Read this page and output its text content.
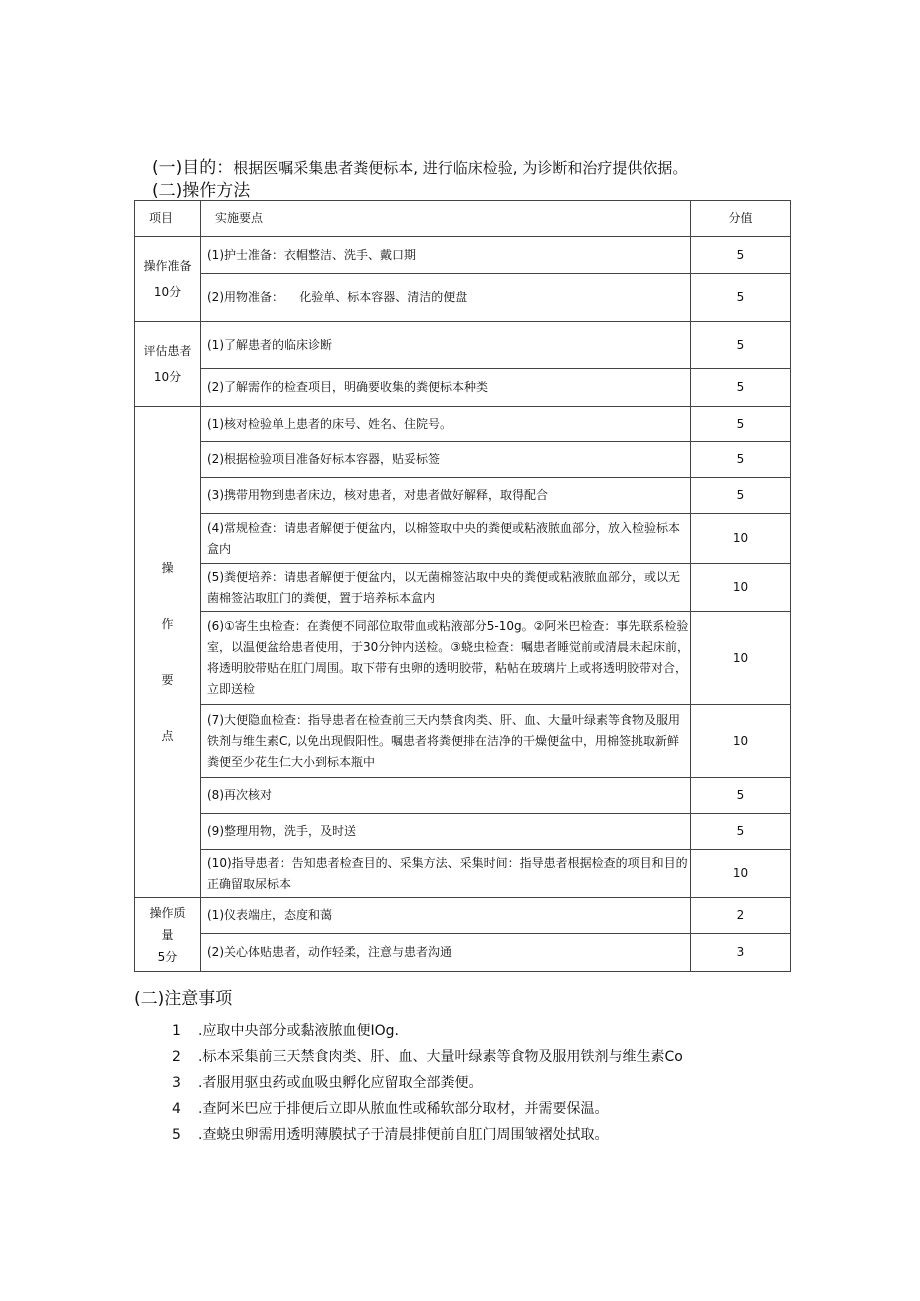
(一)目的：根据医嘱采集患者粪便标本, 进行临床检验, 为诊断和治疗提供依据。
(二)操作方法
项目	实施要点	分值
操作准备
10分	(1)护士准备：衣帽整洁、洗手、戴口期	5
	(2)用物准备：    化验单、标本容器、清洁的便盘	5
评估患者
10分	(1)了解患者的临床诊断	5
	(2)了解需作的检查项目，明确要收集的粪便标本种类	5

操
作
要
点	(1)核对检验单上患者的床号、姓名、住院号。	5
	(2)根据检验项目准备好标本容器，贴妥标签	5
	(3)携带用物到患者床边，核对患者，对患者做好解释，取得配合	5
	(4)常规检查：请患者解便于便盆内，以棉签取中央的粪便或粘液脓血部分，放入检验标本盒内	10
	(5)粪便培养：请患者解便于便盆内，以无菌棉签沾取中央的粪便或粘液脓血部分，或以无菌棉签沾取肛门的粪便，置于培养标本盒内	10
	(6)①寄生虫检查：在粪便不同部位取带血或粘液部分5-10g。②阿米巴检查：事先联系检验室，以温便盆给患者使用，于30分钟内送检。③蛲虫检查：嘱患者睡觉前或清晨未起床前，将透明胶带贴在肛门周围。取下带有虫卵的透明胶带，粘帖在玻璃片上或将透明胶带对合，立即送检	10
	(7)大便隐血检查：指导患者在检查前三天内禁食肉类、肝、血、大量叶绿素等食物及服用铁剂与维生素C, 以免出现假阳性。嘱患者将粪便排在洁净的干燥便盆中，用棉签挑取新鲜粪便至少花生仁大小到标本瓶中	10
	(8)再次核对	5
	(9)整理用物，洗手，及时送	5
	(10)指导患者：告知患者检查目的、采集方法、采集时间：指导患者根据检查的项目和目的正确留取尿标本	10
操作质
量
5分	(1)仪表端庄，态度和蔼	2
	(2)关心体贴患者，动作轻柔，注意与患者沟通	3
(二)注意事项
1 .应取中央部分或黏液脓血便IOg.
2 .标本采集前三天禁食肉类、肝、血、大量叶绿素等食物及服用铁剂与维生素Co
3 .者服用驱虫药或血吸虫孵化应留取全部粪便。
4 .查阿米巴应于排便后立即从脓血性或稀软部分取材，并需要保温。
5 .查蛲虫卵需用透明薄膜拭子于清晨排便前自肛门周围皱褶处拭取。
